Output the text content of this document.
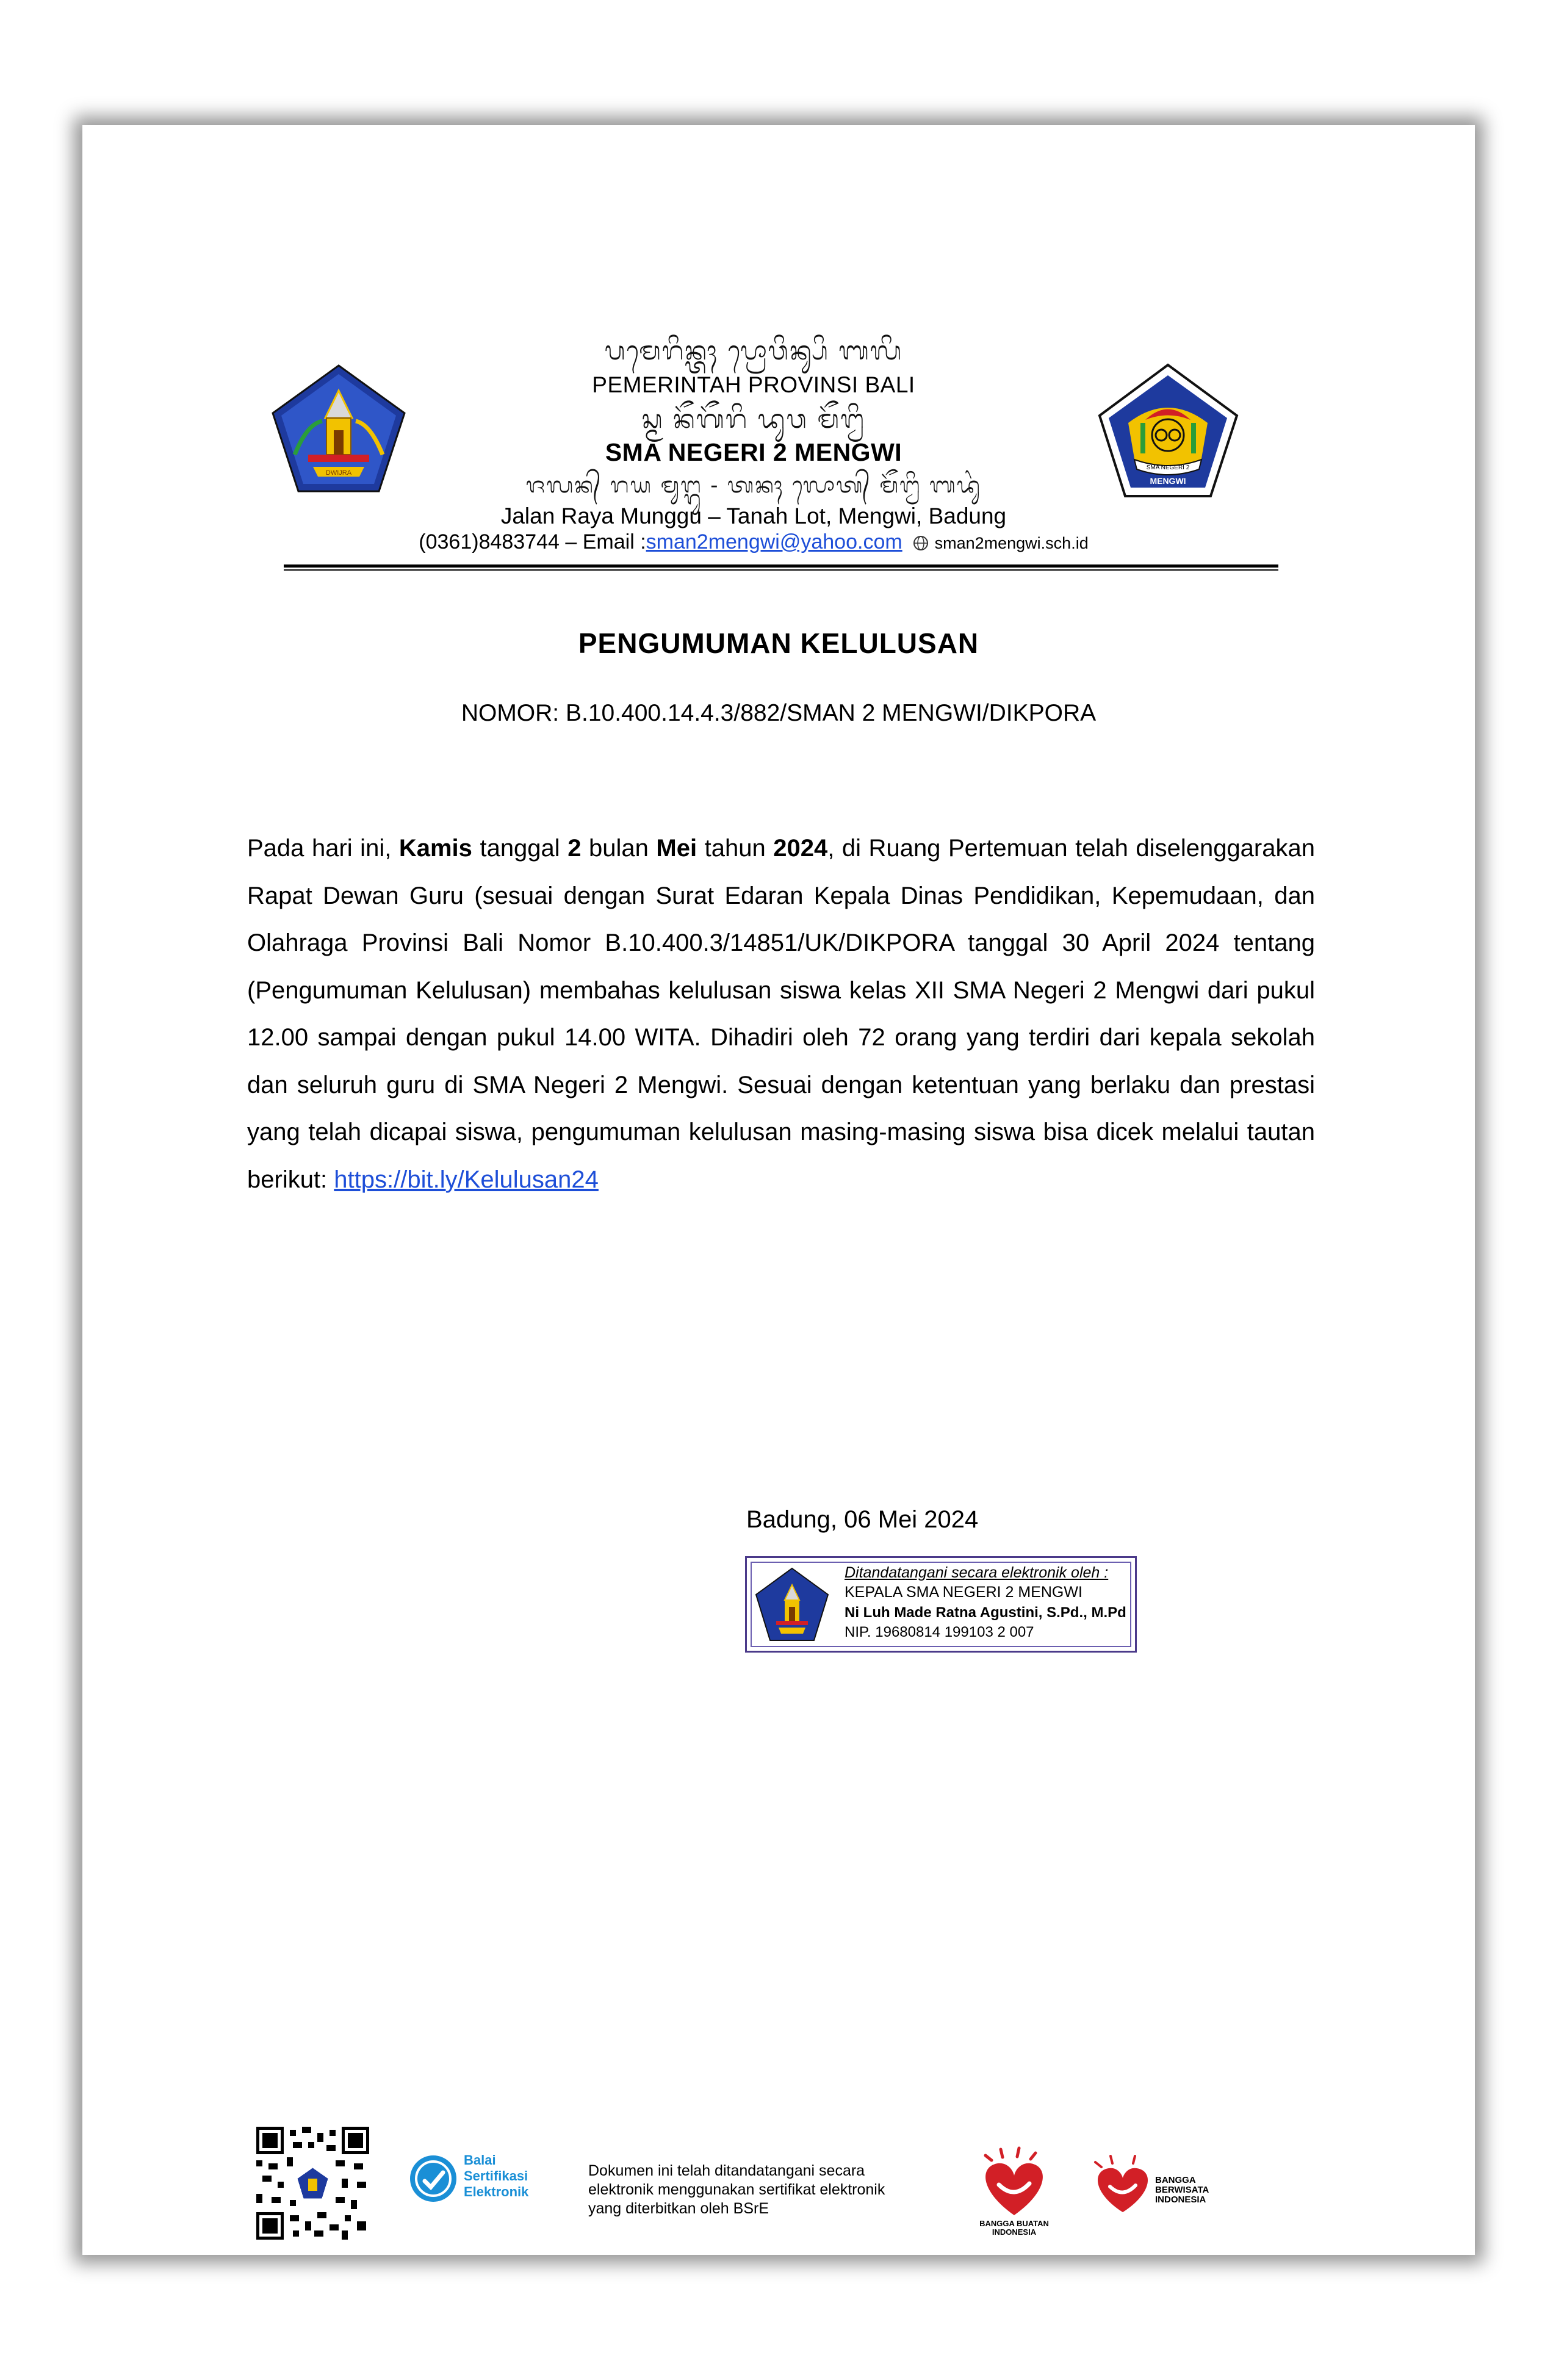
DWIJRA
SMA NEGERI 2
MENGWI
ᬧᬫᬾᬭᬶᬦ᭄ᬢᬄ ᬧ᭄ᬭᭀᬯᬶᬦ᭄ᬲᬶ ᬩᬮᬶ
PEMERINTAH PROVINSI BALI
ᬲ᭄ᬫ ᬦᭂᬕᭂᬭᬶ ᬤᬸᬯ ᬫᭂᬗ᭄ᬯᬶ
SMA NEGERI 2 MENGWI
ᬚᬮᬦ᭄ ᬭᬬ ᬫᬸᬗ᭄ᬕᬸ - ᬢᬦᬄ ᬮᭀᬢ᭄ ᬫᭂᬗ᭄ᬯᬶ ᬩᬤᬸᬂ
Jalan Raya Munggu – Tanah Lot, Mengwi, Badung
(0361)8483744 – Email :sman2mengwi@yahoo.com sman2mengwi.sch.id
PENGUMUMAN KELULUSAN
NOMOR: B.10.400.14.4.3/882/SMAN 2 MENGWI/DIKPORA
Pada hari ini, Kamis tanggal 2 bulan Mei tahun 2024, di Ruang Pertemuan telah diselenggarakan Rapat Dewan Guru (sesuai dengan Surat Edaran Kepala Dinas Pendidikan, Kepemudaan, dan Olahraga Provinsi Bali Nomor B.10.400.3/14851/UK/DIKPORA tanggal 30 April 2024 tentang (Pengumuman Kelulusan) membahas kelulusan siswa kelas XII SMA Negeri 2 Mengwi dari pukul 12.00 sampai dengan pukul 14.00 WITA. Dihadiri oleh 72 orang yang terdiri dari kepala sekolah dan seluruh guru di SMA Negeri 2 Mengwi. Sesuai dengan ketentuan yang berlaku dan prestasi yang telah dicapai siswa, pengumuman kelulusan masing-masing siswa bisa dicek melalui tautan berikut: https://bit.ly/Kelulusan24
Badung, 06 Mei 2024
Ditandatangani secara elektronik oleh :
KEPALA SMA NEGERI 2 MENGWI
Ni Luh Made Ratna Agustini, S.Pd., M.Pd
NIP. 19680814 199103 2 007
Balai
Sertifikasi
Elektronik
Dokumen ini telah ditandatangani secara
elektronik menggunakan sertifikat elektronik
yang diterbitkan oleh BSrE
BANGGA BUATAN
INDONESIA
BANGGA
BERWISATA
INDONESIA
